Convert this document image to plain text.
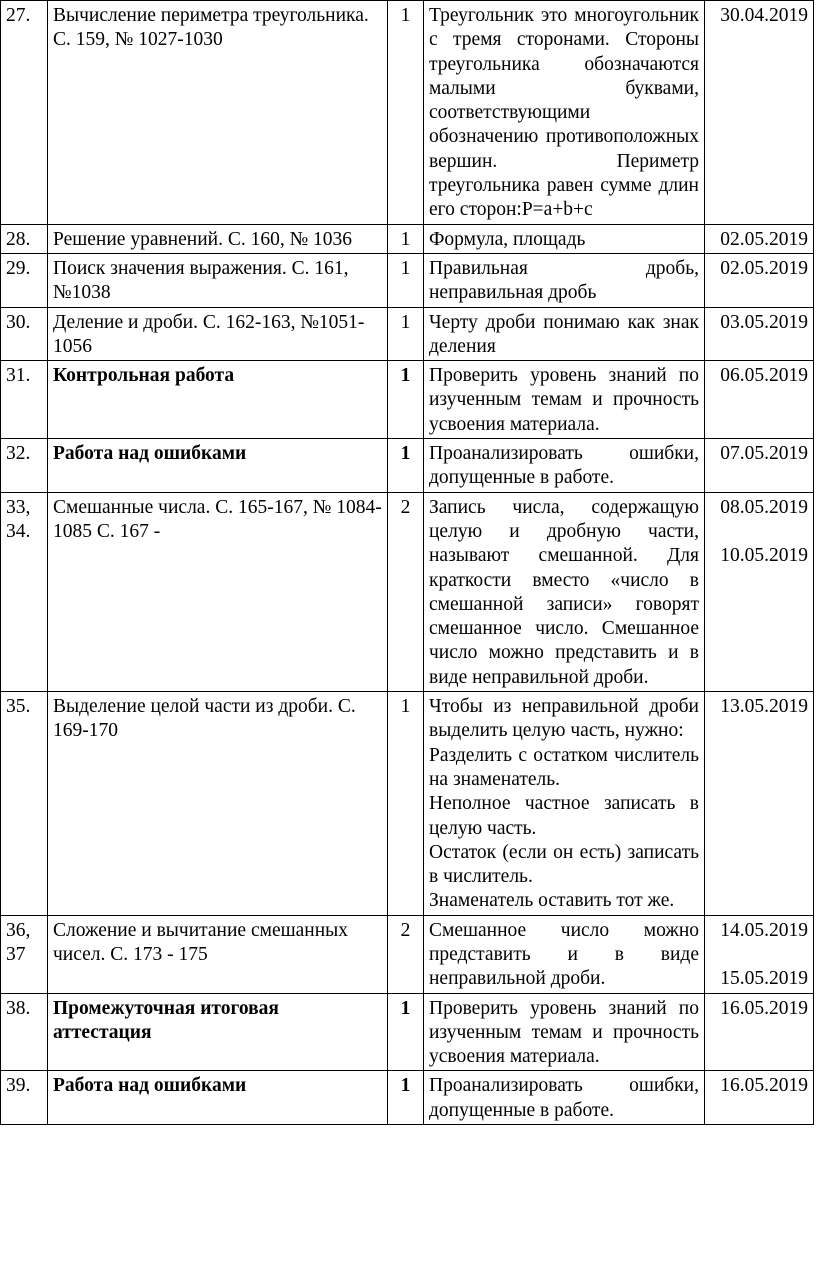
27.	Вычисление периметра треугольника. С. 159, № 1027-1030	1	Треугольник это многоугольник с тремя сторонами. Стороны треугольника обозначаются малыми буквами, соответствующими обозначению противоположных вершин. Периметр треугольника равен сумме длин его сторон:Р=a+b+c	30.04.2019

28.	Решение уравнений. С. 160, № 1036	1	Формула, площадь	02.05.2019

29.	Поиск значения выражения. С. 161, №1038	1	Правильная дробь, неправильная дробь	02.05.2019

30.	Деление и дроби. С. 162-163, №1051-1056	1	Черту дроби понимаю как знак деления	03.05.2019

31.	Контрольная работа	1	Проверить уровень знаний по изученным темам и прочность усвоения материала.	06.05.2019

32.	Работа над ошибками	1	Проанализировать ошибки, допущенные в работе.	07.05.2019

33, 34.	Смешанные числа. С. 165-167, № 1084-1085 С. 167 -	2	Запись числа, содержащую целую и дробную части, называют смешанной. Для краткости вместо «число в смешанной записи» говорят смешанное число. Смешанное число можно представить и в виде неправильной дроби.	08.05.2019
10.05.2019

35.	Выделение целой части из дроби. С. 169-170	1	Чтобы из неправильной дроби выделить целую часть, нужно:
Разделить с остатком числитель на знаменатель.
Неполное частное записать в целую часть.
Остаток (если он есть) записать в числитель.
Знаменатель оставить тот же.	13.05.2019

36, 37	Сложение и вычитание смешанных чисел. С. 173 - 175	2	Смешанное число можно представить и в виде неправильной дроби.	14.05.2019
15.05.2019

38.	Промежуточная итоговая аттестация	1	Проверить уровень знаний по изученным темам и прочность усвоения материала.	16.05.2019

39.	Работа над ошибками	1	Проанализировать ошибки, допущенные в работе.	16.05.2019
